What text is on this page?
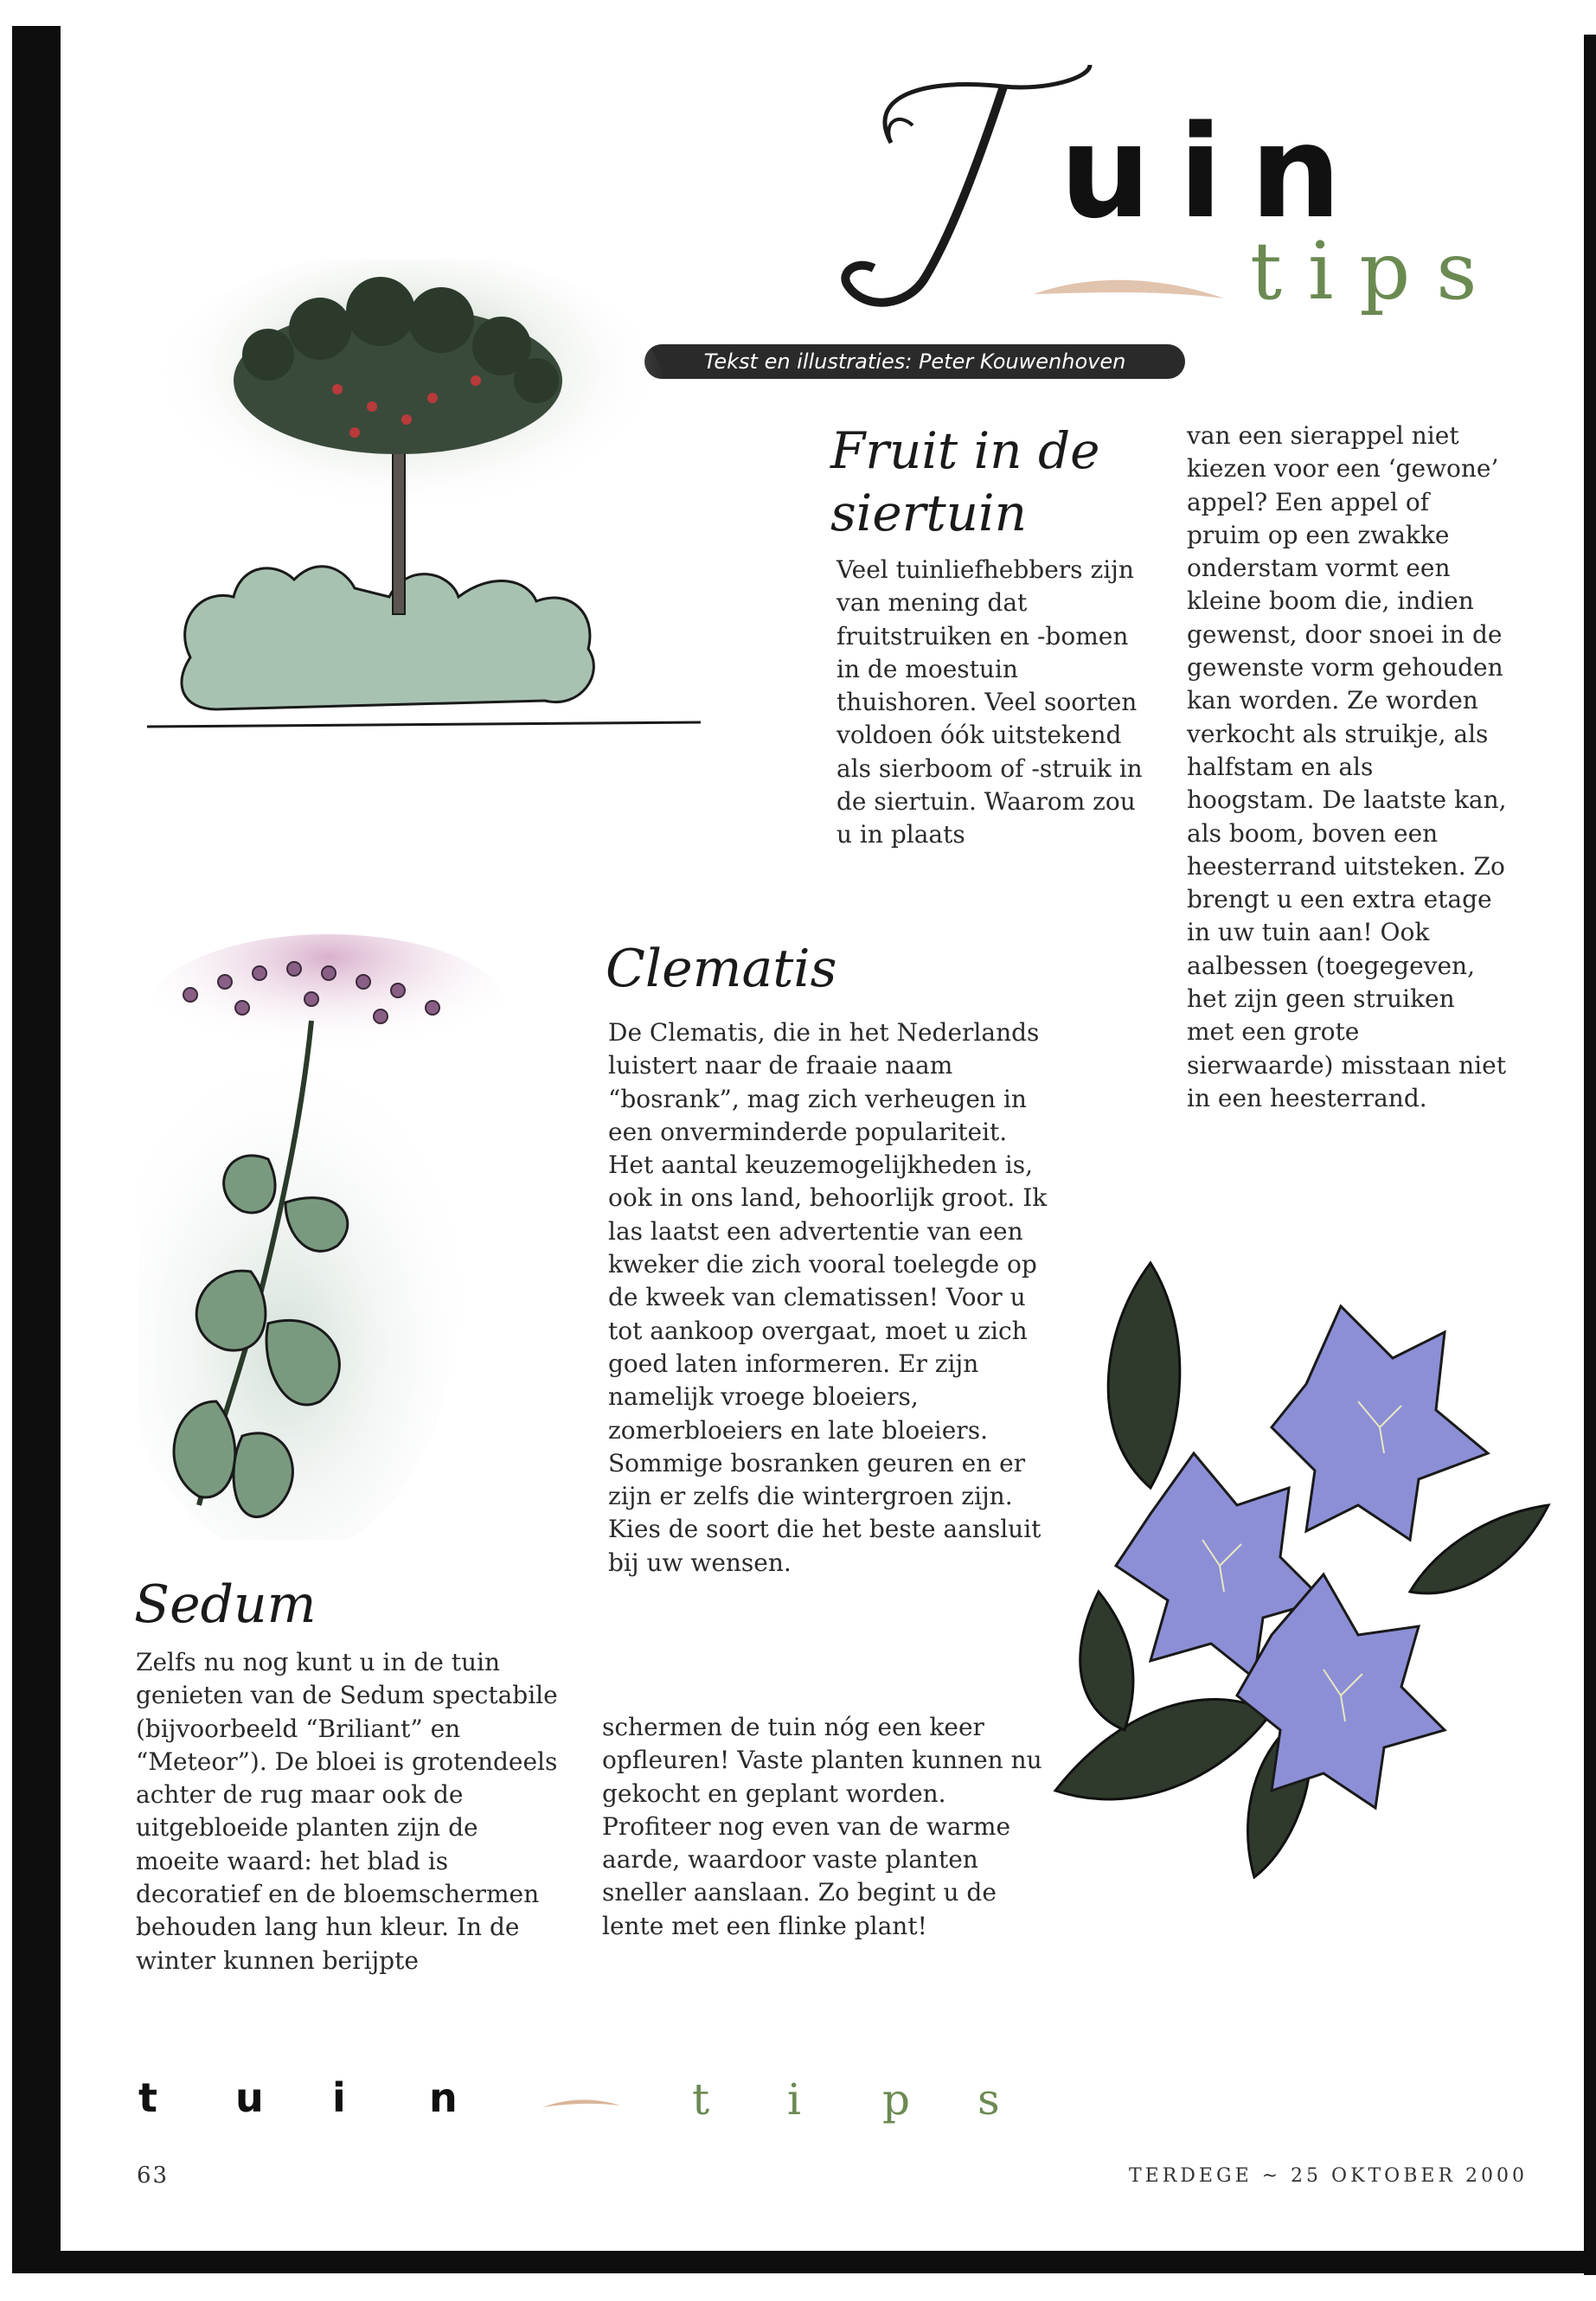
uin
tips
Tekst en illustraties: Peter Kouwenhoven
Fruit in de siertuin
Veel tuinliefhebbers zijn van mening dat fruitstruiken en -bomen in de moestuin thuishoren. Veel soorten voldoen óók uitstekend als sierboom of -struik in de siertuin. Waarom zou u in plaats
van een sierappel niet kiezen voor een ‘gewone’ appel? Een appel of pruim op een zwakke onderstam vormt een kleine boom die, indien gewenst, door snoei in de gewenste vorm gehouden kan worden. Ze worden verkocht als struikje, als halfstam en als hoogstam. De laatste kan, als boom, boven een heesterrand uitsteken. Zo brengt u een extra etage in uw tuin aan! Ook aalbessen (toegegeven, het zijn geen struiken met een grote sierwaarde) misstaan niet in een heesterrand.
Clematis
De Clematis, die in het Nederlands luistert naar de fraaie naam “bosrank”, mag zich verheugen in een onverminderde populariteit. Het aantal keuzemogelijkheden is, ook in ons land, behoorlijk groot. Ik las laatst een advertentie van een kweker die zich vooral toelegde op de kweek van clematissen! Voor u tot aankoop overgaat, moet u zich goed laten informeren. Er zijn namelijk vroege bloeiers, zomerbloeiers en late bloeiers. Sommige bosranken geuren en er zijn er zelfs die wintergroen zijn. Kies de soort die het beste aansluit bij uw wensen.
Sedum
Zelfs nu nog kunt u in de tuin genieten van de Sedum spectabile (bijvoorbeeld “Briliant” en “Meteor”). De bloei is grotendeels achter de rug maar ook de uitgebloeide planten zijn de moeite waard: het blad is decoratief en de bloemschermen behouden lang hun kleur. In de winter kunnen berijpte
schermen de tuin nóg een keer opfleuren! Vaste planten kunnen nu gekocht en geplant worden. Profiteer nog even van de warme aarde, waardoor vaste planten sneller aanslaan. Zo begint u de lente met een flinke plant!
t u i n	t i p s
63	TERDEGE ~ 25 OKTOBER 2000
